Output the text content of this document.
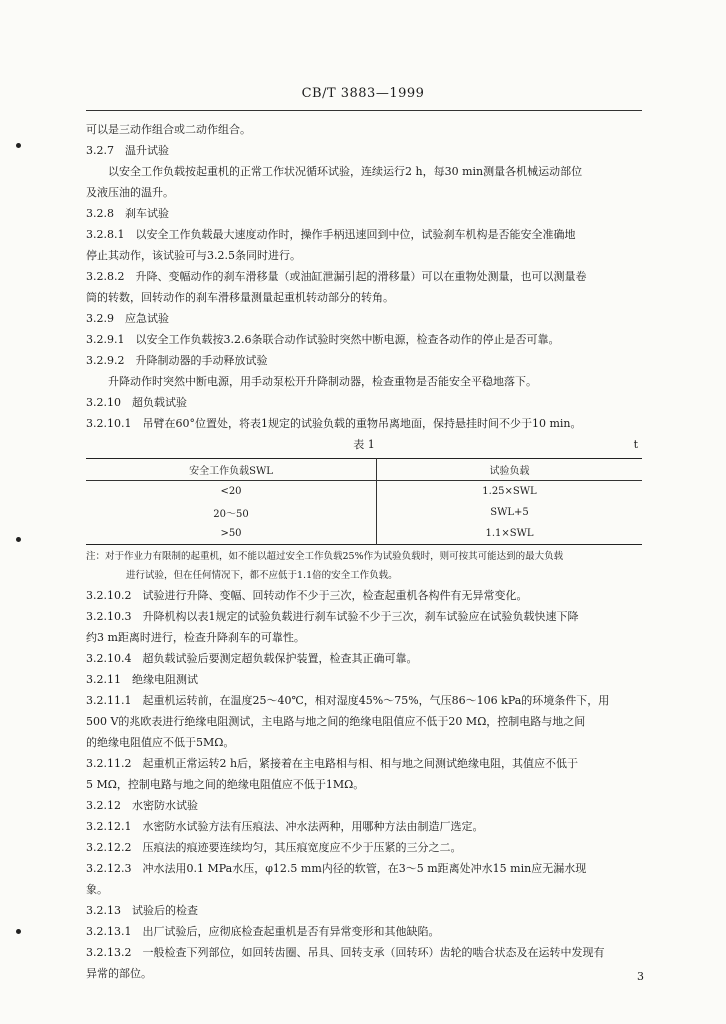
CB/T 3883—1999
可以是三动作组合或二动作组合。
3.2.7　温升试验
以安全工作负载按起重机的正常工作状况循环试验，连续运行2 h，每30 min测量各机械运动部位
及液压油的温升。
3.2.8　刹车试验
3.2.8.1　以安全工作负载最大速度动作时，操作手柄迅速回到中位，试验刹车机构是否能安全准确地
停止其动作，该试验可与3.2.5条同时进行。
3.2.8.2　升降、变幅动作的刹车滑移量（或油缸泄漏引起的滑移量）可以在重物处测量，也可以测量卷
筒的转数，回转动作的刹车滑移量测量起重机转动部分的转角。
3.2.9　应急试验
3.2.9.1　以安全工作负载按3.2.6条联合动作试验时突然中断电源，检查各动作的停止是否可靠。
3.2.9.2　升降制动器的手动释放试验
升降动作时突然中断电源，用手动泵松开升降制动器，检查重物是否能安全平稳地落下。
3.2.10　超负载试验
3.2.10.1　吊臂在60°位置处，将表1规定的试验负载的重物吊离地面，保持悬挂时间不少于10 min。
表 1	t
安全工作负载SWL	试验负载
<20	1.25×SWL
20～50	SWL+5
>50	1.1×SWL
注：对于作业力有限制的起重机，如不能以超过安全工作负载25%作为试验负载时，则可按其可能达到的最大负载
进行试验，但在任何情况下，都不应低于1.1倍的安全工作负载。
3.2.10.2　试验进行升降、变幅、回转动作不少于三次，检查起重机各构件有无异常变化。
3.2.10.3　升降机构以表1规定的试验负载进行刹车试验不少于三次，刹车试验应在试验负载快速下降
约3 m距离时进行，检查升降刹车的可靠性。
3.2.10.4　超负载试验后要测定超负载保护装置，检查其正确可靠。
3.2.11　绝缘电阻测试
3.2.11.1　起重机运转前，在温度25～40℃，相对湿度45%～75%，气压86～106 kPa的环境条件下，用
500 V的兆欧表进行绝缘电阻测试，主电路与地之间的绝缘电阻值应不低于20 MΩ，控制电路与地之间
的绝缘电阻值应不低于5MΩ。
3.2.11.2　起重机正常运转2 h后，紧接着在主电路相与相、相与地之间测试绝缘电阻，其值应不低于
5 MΩ，控制电路与地之间的绝缘电阻值应不低于1MΩ。
3.2.12　水密防水试验
3.2.12.1　水密防水试验方法有压痕法、冲水法两种，用哪种方法由制造厂选定。
3.2.12.2　压痕法的痕迹要连续均匀，其压痕宽度应不少于压紧的三分之二。
3.2.12.3　冲水法用0.1 MPa水压，φ12.5 mm内径的软管，在3～5 m距离处冲水15 min应无漏水现
象。
3.2.13　试验后的检查
3.2.13.1　出厂试验后，应彻底检查起重机是否有异常变形和其他缺陷。
3.2.13.2　一般检查下列部位，如回转齿圈、吊具、回转支承（回转环）齿轮的啮合状态及在运转中发现有
异常的部位。	3
